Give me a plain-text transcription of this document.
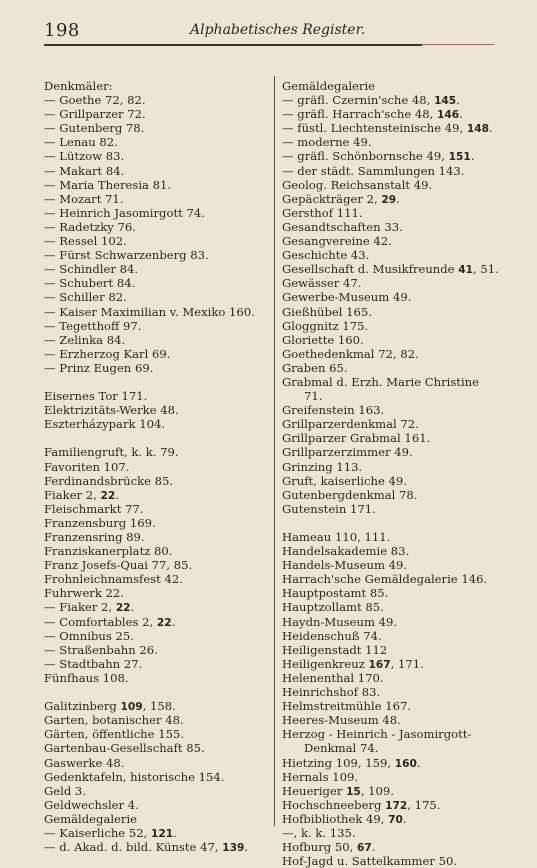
198	Alphabetisches Register.
Denkmäler:
— Goethe 72, 82.
— Grillparzer 72.
— Gutenberg 78.
— Lenau 82.
— Lützow 83.
— Makart 84.
— Maria Theresia 81.
— Mozart 71.
— Heinrich Jasomirgott 74.
— Radetzky 76.
— Ressel 102.
— Fürst Schwarzenberg 83.
— Schindler 84.
— Schubert 84.
— Schiller 82.
— Kaiser Maximilian v. Mexiko 160.
— Tegetthoff 97.
— Zelinka 84.
— Erzherzog Karl 69.
— Prinz Eugen 69.
Eisernes Tor 171.
Elektrizitäts-Werke 48.
Eszterházypark 104.
Familiengruft, k. k. 79.
Favoriten 107.
Ferdinandsbrücke 85.
Fiaker 2, 22.
Fleischmarkt 77.
Franzensburg 169.
Franzensring 89.
Franziskanerplatz 80.
Franz Josefs-Quai 77, 85.
Frohnleichnamsfest 42.
Fuhrwerk 22.
— Fiaker 2, 22.
— Comfortables 2, 22.
— Omnibus 25.
— Straßenbahn 26.
— Stadtbahn 27.
Fünfhaus 108.
Galitzinberg 109, 158.
Garten, botanischer 48.
Gärten, öffentliche 155.
Gartenbau-Gesellschaft 85.
Gaswerke 48.
Gedenktafeln, historische 154.
Geld 3.
Geldwechsler 4.
Gemäldegalerie
— Kaiserliche 52, 121.
— d. Akad. d. bild. Künste 47, 139.
Gemäldegalerie
— gräfl. Czernin'sche 48, 145.
— gräfl. Harrach'sche 48, 146.
— füstl. Liechtensteinische 49, 148.
— moderne 49.
— gräfl. Schönbornsche 49, 151.
— der städt. Sammlungen 143.
Geolog. Reichsanstalt 49.
Gepäckträger 2, 29.
Gersthof 111.
Gesandtschaften 33.
Gesangvereine 42.
Geschichte 43.
Gesellschaft d. Musikfreunde 41, 51.
Gewässer 47.
Gewerbe-Museum 49.
Gießhübel 165.
Gloggnitz 175.
Gloriette 160.
Goethedenkmal 72, 82.
Graben 65.
Grabmal d. Erzh. Marie Christine
71.
Greifenstein 163.
Grillparzerdenkmal 72.
Grillparzer Grabmal 161.
Grillparzerzimmer 49.
Grinzing 113.
Gruft, kaiserliche 49.
Gutenbergdenkmal 78.
Gutenstein 171.
Hameau 110, 111.
Handelsakademie 83.
Handels-Museum 49.
Harrach'sche Gemäldegalerie 146.
Hauptpostamt 85.
Hauptzollamt 85.
Haydn-Museum 49.
Heidenschuß 74.
Heiligenstadt 112
Heiligenkreuz 167, 171.
Helenenthal 170.
Heinrichshof 83.
Helmstreitmühle 167.
Heeres-Museum 48.
Herzog - Heinrich - Jasomirgott-
Denkmal 74.
Hietzing 109, 159, 160.
Hernals 109.
Heueriger 15, 109.
Hochschneeberg 172, 175.
Hofbibliothek 49, 70.
—, k. k. 135.
Hofburg 50, 67.
Hof-Jagd u. Sattelkammer 50.
